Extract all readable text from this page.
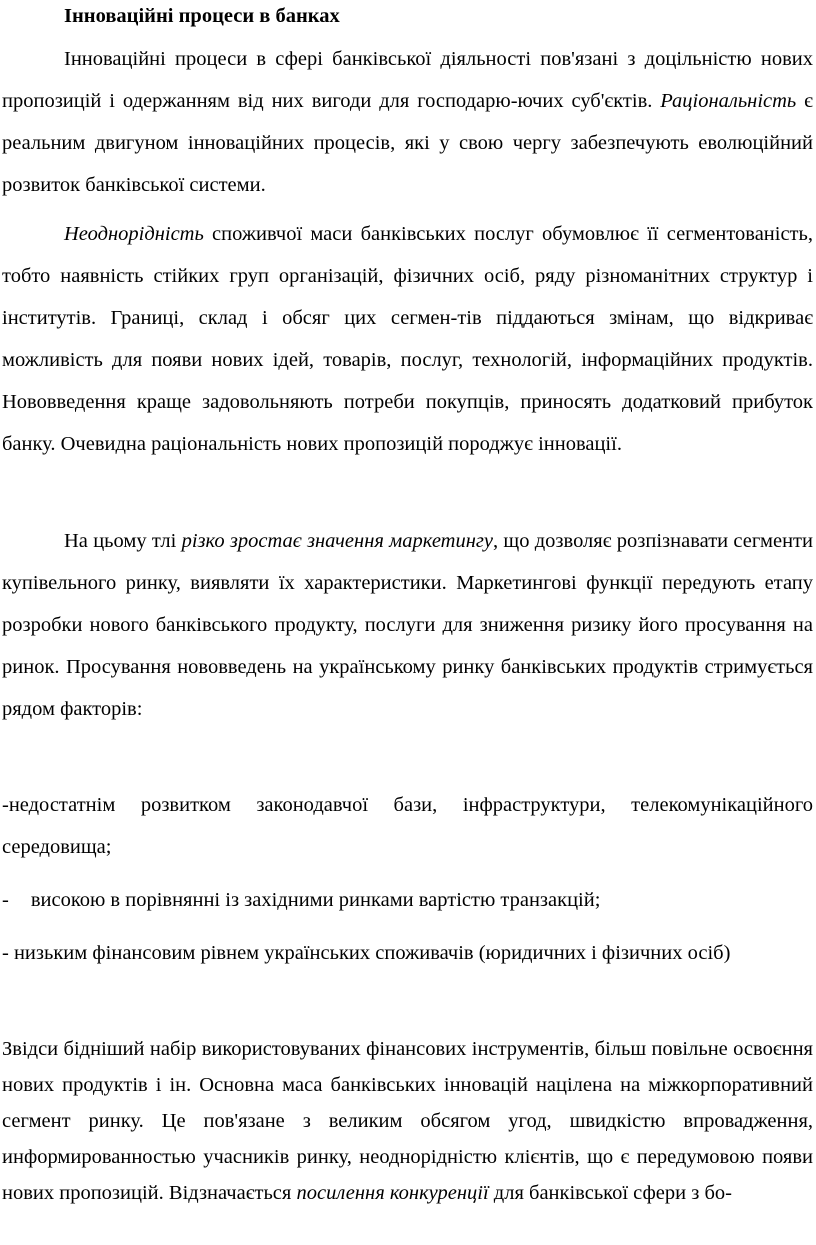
Інноваційні процеси в банках

Інноваційні процеси в сфері банківської діяльності пов'язані з доцільністю нових пропозицій і одержанням від них вигоди для господарю-ючих суб'єктів. Раціональність є реальним двигуном інноваційних процесів, які у свою чергу забезпечують еволюційний розвиток банківської системи.

Неоднорідність споживчої маси банківських послуг обумовлює її сегментованість, тобто наявність стійких груп організацій, фізичних осіб, ряду різноманітних структур і інститутів. Границі, склад і обсяг цих сегмен-тів піддаються змінам, що відкриває можливість для появи нових ідей, товарів, послуг, технологій, інформаційних продуктів. Нововведення краще задовольняють потреби покупців, приносять додатковий прибуток банку. Очевидна раціональність нових пропозицій породжує інновації.

На цьому тлі різко зростає значення маркетингу, що дозволяє розпізнавати сегменти купівельного ринку, виявляти їх характеристики. Маркетингові функції передують етапу розробки нового банківського продукту, послуги для зниження ризику його просування на ринок. Просування нововведень на українському ринку банківських продуктів стримується рядом факторів:

-недостатнім розвитком законодавчої бази, інфраструктури, телекомунікаційного середовища;

- високою в порівнянні із західними ринками вартістю транзакцій;

- низьким фінансовим рівнем українських споживачів (юридичних і фізичних осіб)

Звідси бідніший набір використовуваних фінансових інструментів, більш повільне освоєння нових продуктів і ін. Основна маса банківських інновацій націлена на міжкорпоративний сегмент ринку. Це пов'язане з великим обсягом угод, швидкістю впровадження, информированностью учасників ринку, неоднорідністю клієнтів, що є передумовою появи нових пропозицій. Відзначається посилення конкуренції для банківської сфери з бо-
